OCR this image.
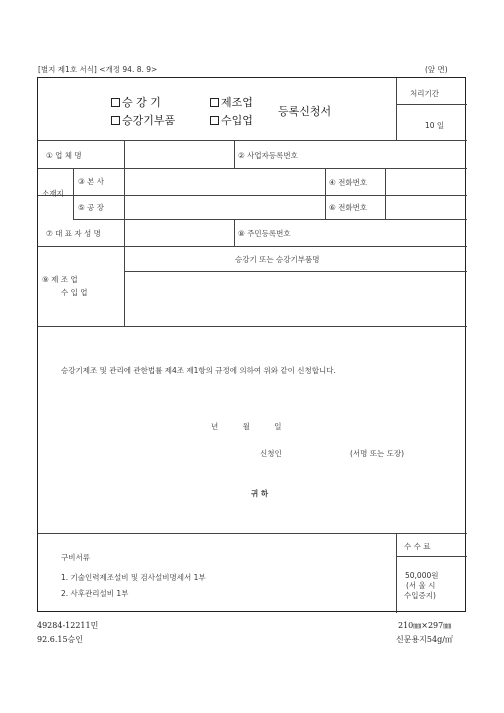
[별지 제1호 서식] <개정 94. 8. 9>	(앞 면)
승 강 기	제조업
승강기부품	수입업
등록신청서
처리기간
10 일
① 업 체 명	② 사업자등록번호
소재지
③ 본 사	④ 전화번호
⑤ 공 장	⑥ 전화번호
⑦ 대 표 자 성 명	⑧ 주민등록번호
⑨ 제 조 업
수 입 업
승강기 또는 승강기부품명
승강기제조 및 관리에 관한법률 제4조 제1항의 규정에 의하여 위와 같이 신청합니다.
년 월 일
신청인	(서명 또는 도장)
귀 하
구비서류
1. 기술인력제조설비 및 검사설비명세서 1부
2. 사후관리설비 1부
수 수 료
50,000원
(서 울 시
수입증지)
49284-12211민
92.6.15승인
210㎜×297㎜
신문용지54g/㎡
